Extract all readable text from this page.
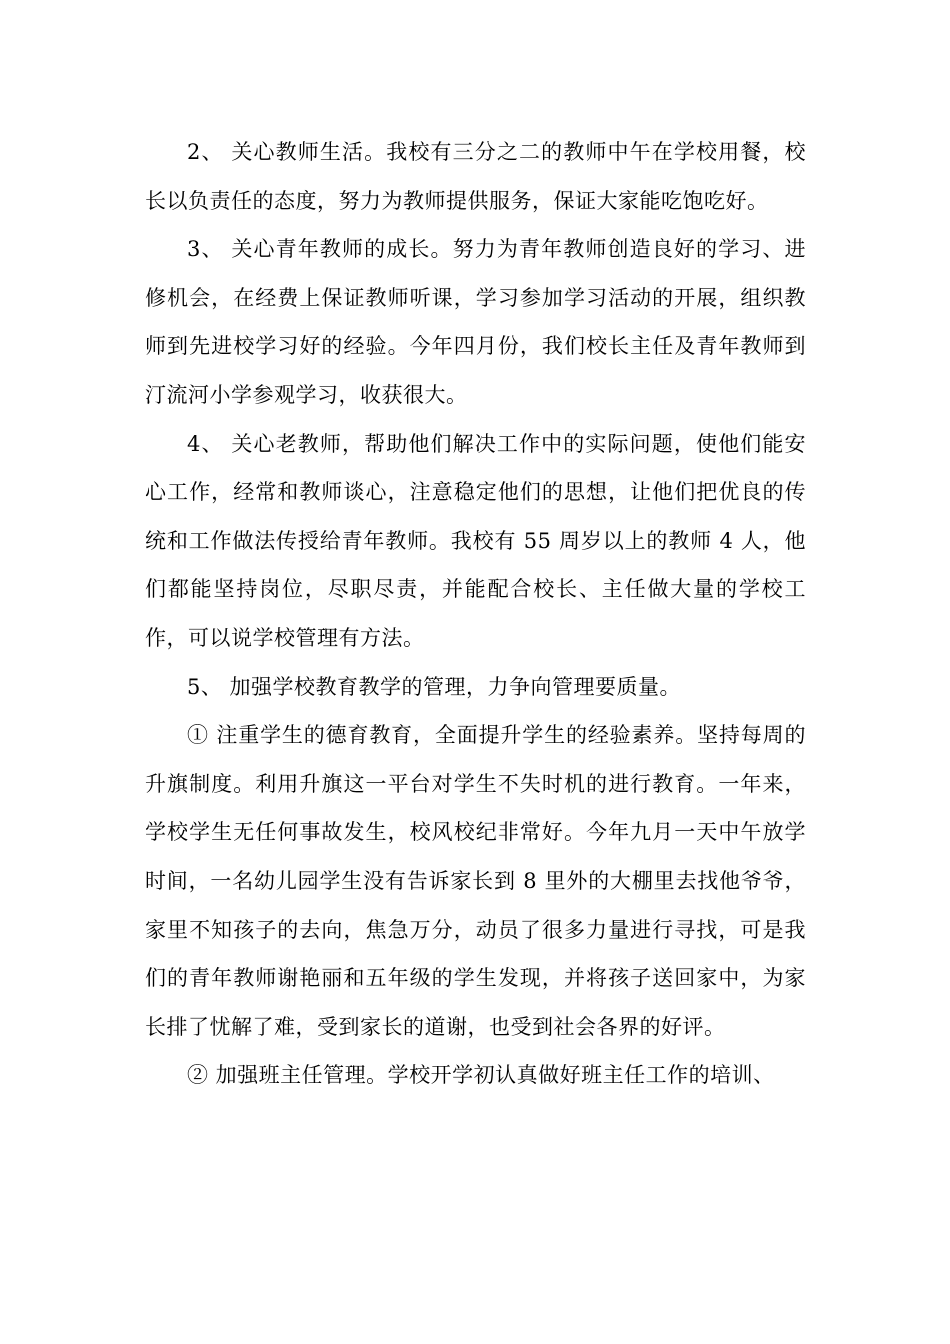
2、 关心教师生活。我校有三分之二的教师中午在学校用餐，校长以负责任的态度，努力为教师提供服务，保证大家能吃饱吃好。

3、 关心青年教师的成长。努力为青年教师创造良好的学习、进修机会，在经费上保证教师听课，学习参加学习活动的开展，组织教师到先进校学习好的经验。今年四月份，我们校长主任及青年教师到汀流河小学参观学习，收获很大。

4、 关心老教师，帮助他们解决工作中的实际问题，使他们能安心工作，经常和教师谈心，注意稳定他们的思想，让他们把优良的传统和工作做法传授给青年教师。我校有 55 周岁以上的教师 4 人，他们都能坚持岗位，尽职尽责，并能配合校长、主任做大量的学校工作，可以说学校管理有方法。

5、 加强学校教育教学的管理，力争向管理要质量。

① 注重学生的德育教育，全面提升学生的经验素养。坚持每周的升旗制度。利用升旗这一平台对学生不失时机的进行教育。一年来，学校学生无任何事故发生，校风校纪非常好。今年九月一天中午放学时间，一名幼儿园学生没有告诉家长到 8 里外的大棚里去找他爷爷，家里不知孩子的去向，焦急万分，动员了很多力量进行寻找，可是我们的青年教师谢艳丽和五年级的学生发现，并将孩子送回家中，为家长排了忧解了难，受到家长的道谢，也受到社会各界的好评。

② 加强班主任管理。学校开学初认真做好班主任工作的培训、
